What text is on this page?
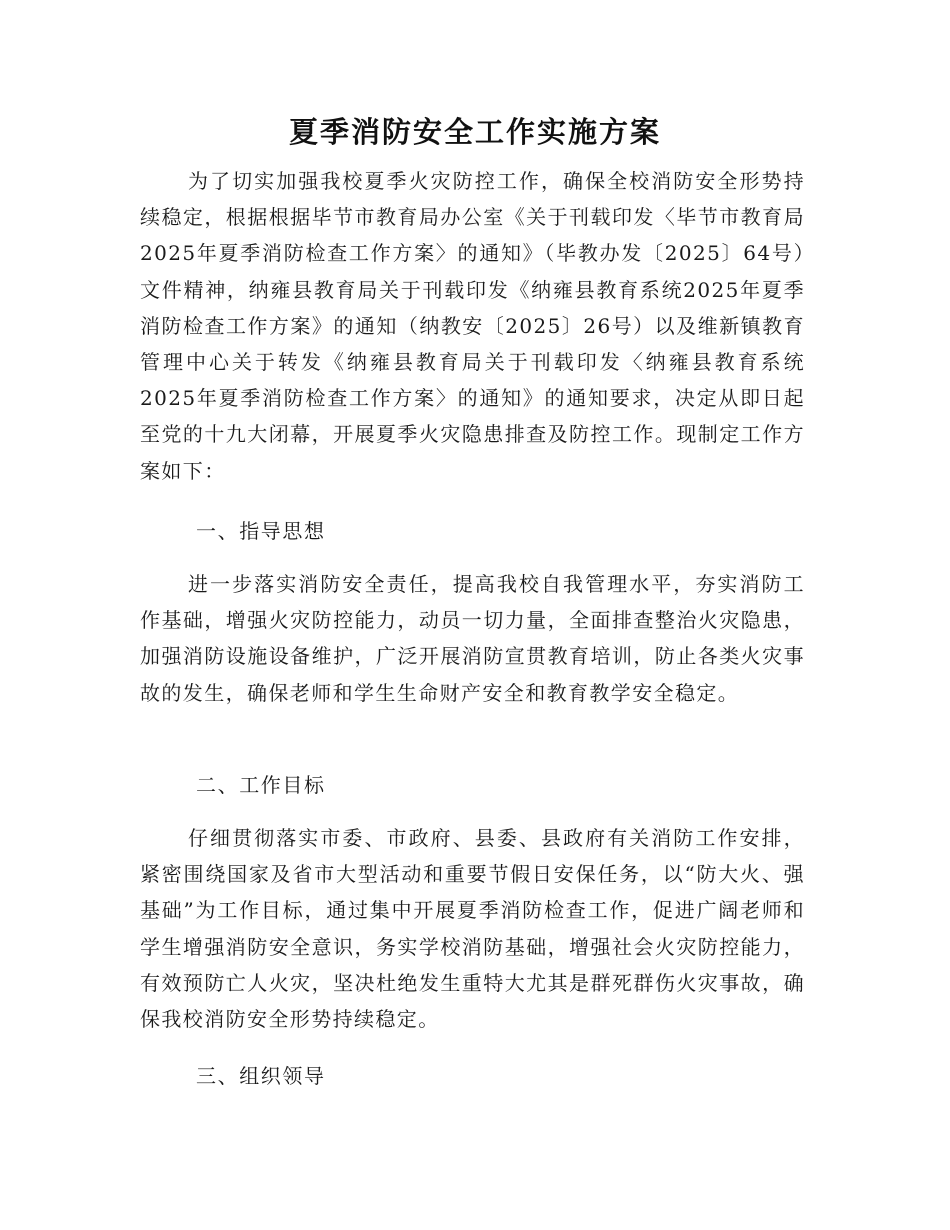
夏季消防安全工作实施方案

为了切实加强我校夏季火灾防控工作，确保全校消防安全形势持续稳定，根据根据毕节市教育局办公室《关于刊载印发〈毕节市教育局2025年夏季消防检查工作方案〉的通知》（毕教办发〔2025〕64号）文件精神，纳雍县教育局关于刊载印发《纳雍县教育系统2025年夏季消防检查工作方案》的通知（纳教安〔2025〕26号）以及维新镇教育管理中心关于转发《纳雍县教育局关于刊载印发〈纳雍县教育系统2025年夏季消防检查工作方案〉的通知》的通知要求，决定从即日起至党的十九大闭幕，开展夏季火灾隐患排查及防控工作。现制定工作方案如下：

一、指导思想

进一步落实消防安全责任，提高我校自我管理水平，夯实消防工作基础，增强火灾防控能力，动员一切力量，全面排查整治火灾隐患，加强消防设施设备维护，广泛开展消防宣贯教育培训，防止各类火灾事故的发生，确保老师和学生生命财产安全和教育教学安全稳定。

二、工作目标

仔细贯彻落实市委、市政府、县委、县政府有关消防工作安排，紧密围绕国家及省市大型活动和重要节假日安保任务，以“防大火、强基础”为工作目标，通过集中开展夏季消防检查工作，促进广阔老师和学生增强消防安全意识，务实学校消防基础，增强社会火灾防控能力，有效预防亡人火灾，坚决杜绝发生重特大尤其是群死群伤火灾事故，确保我校消防安全形势持续稳定。

三、组织领导
